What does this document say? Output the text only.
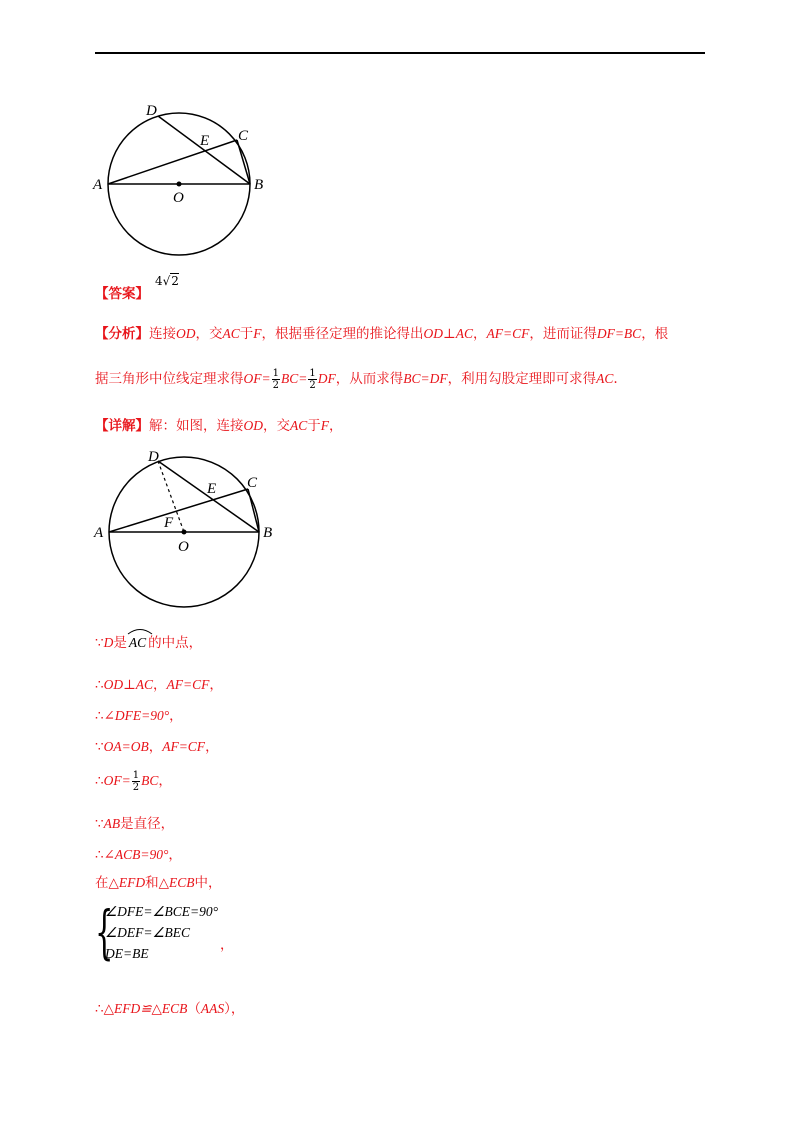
A	B
C
D
E
O
【答案】
4√2
【分析】连接OD，交AC于F，根据垂径定理的推论得出OD⊥AC，AF=CF，进而证得DF=BC，根
据三角形中位线定理求得$OF= \frac{1}{2} BC= \frac{1}{2}$ DF，从而求得BC=DF，利用勾股定理即可求得AC.
【详解】解：如图，连接OD，交AC于F，
A	B
C
D
E
F
O
∵D是 AC 的中点，
∴OD⊥AC，AF=CF，
∴∠DFE=90°，
∵OA=OB，AF=CF，
∴OF= $\frac{1}{2}$ BC，
∵AB是直径，
∴∠ACB=90°，
在△EFD和△ECB中，
{
∠DFE=∠BCE=90°
∠DEF=∠BEC
DE=BE
，
∴△EFD≌△ECB（AAS），
